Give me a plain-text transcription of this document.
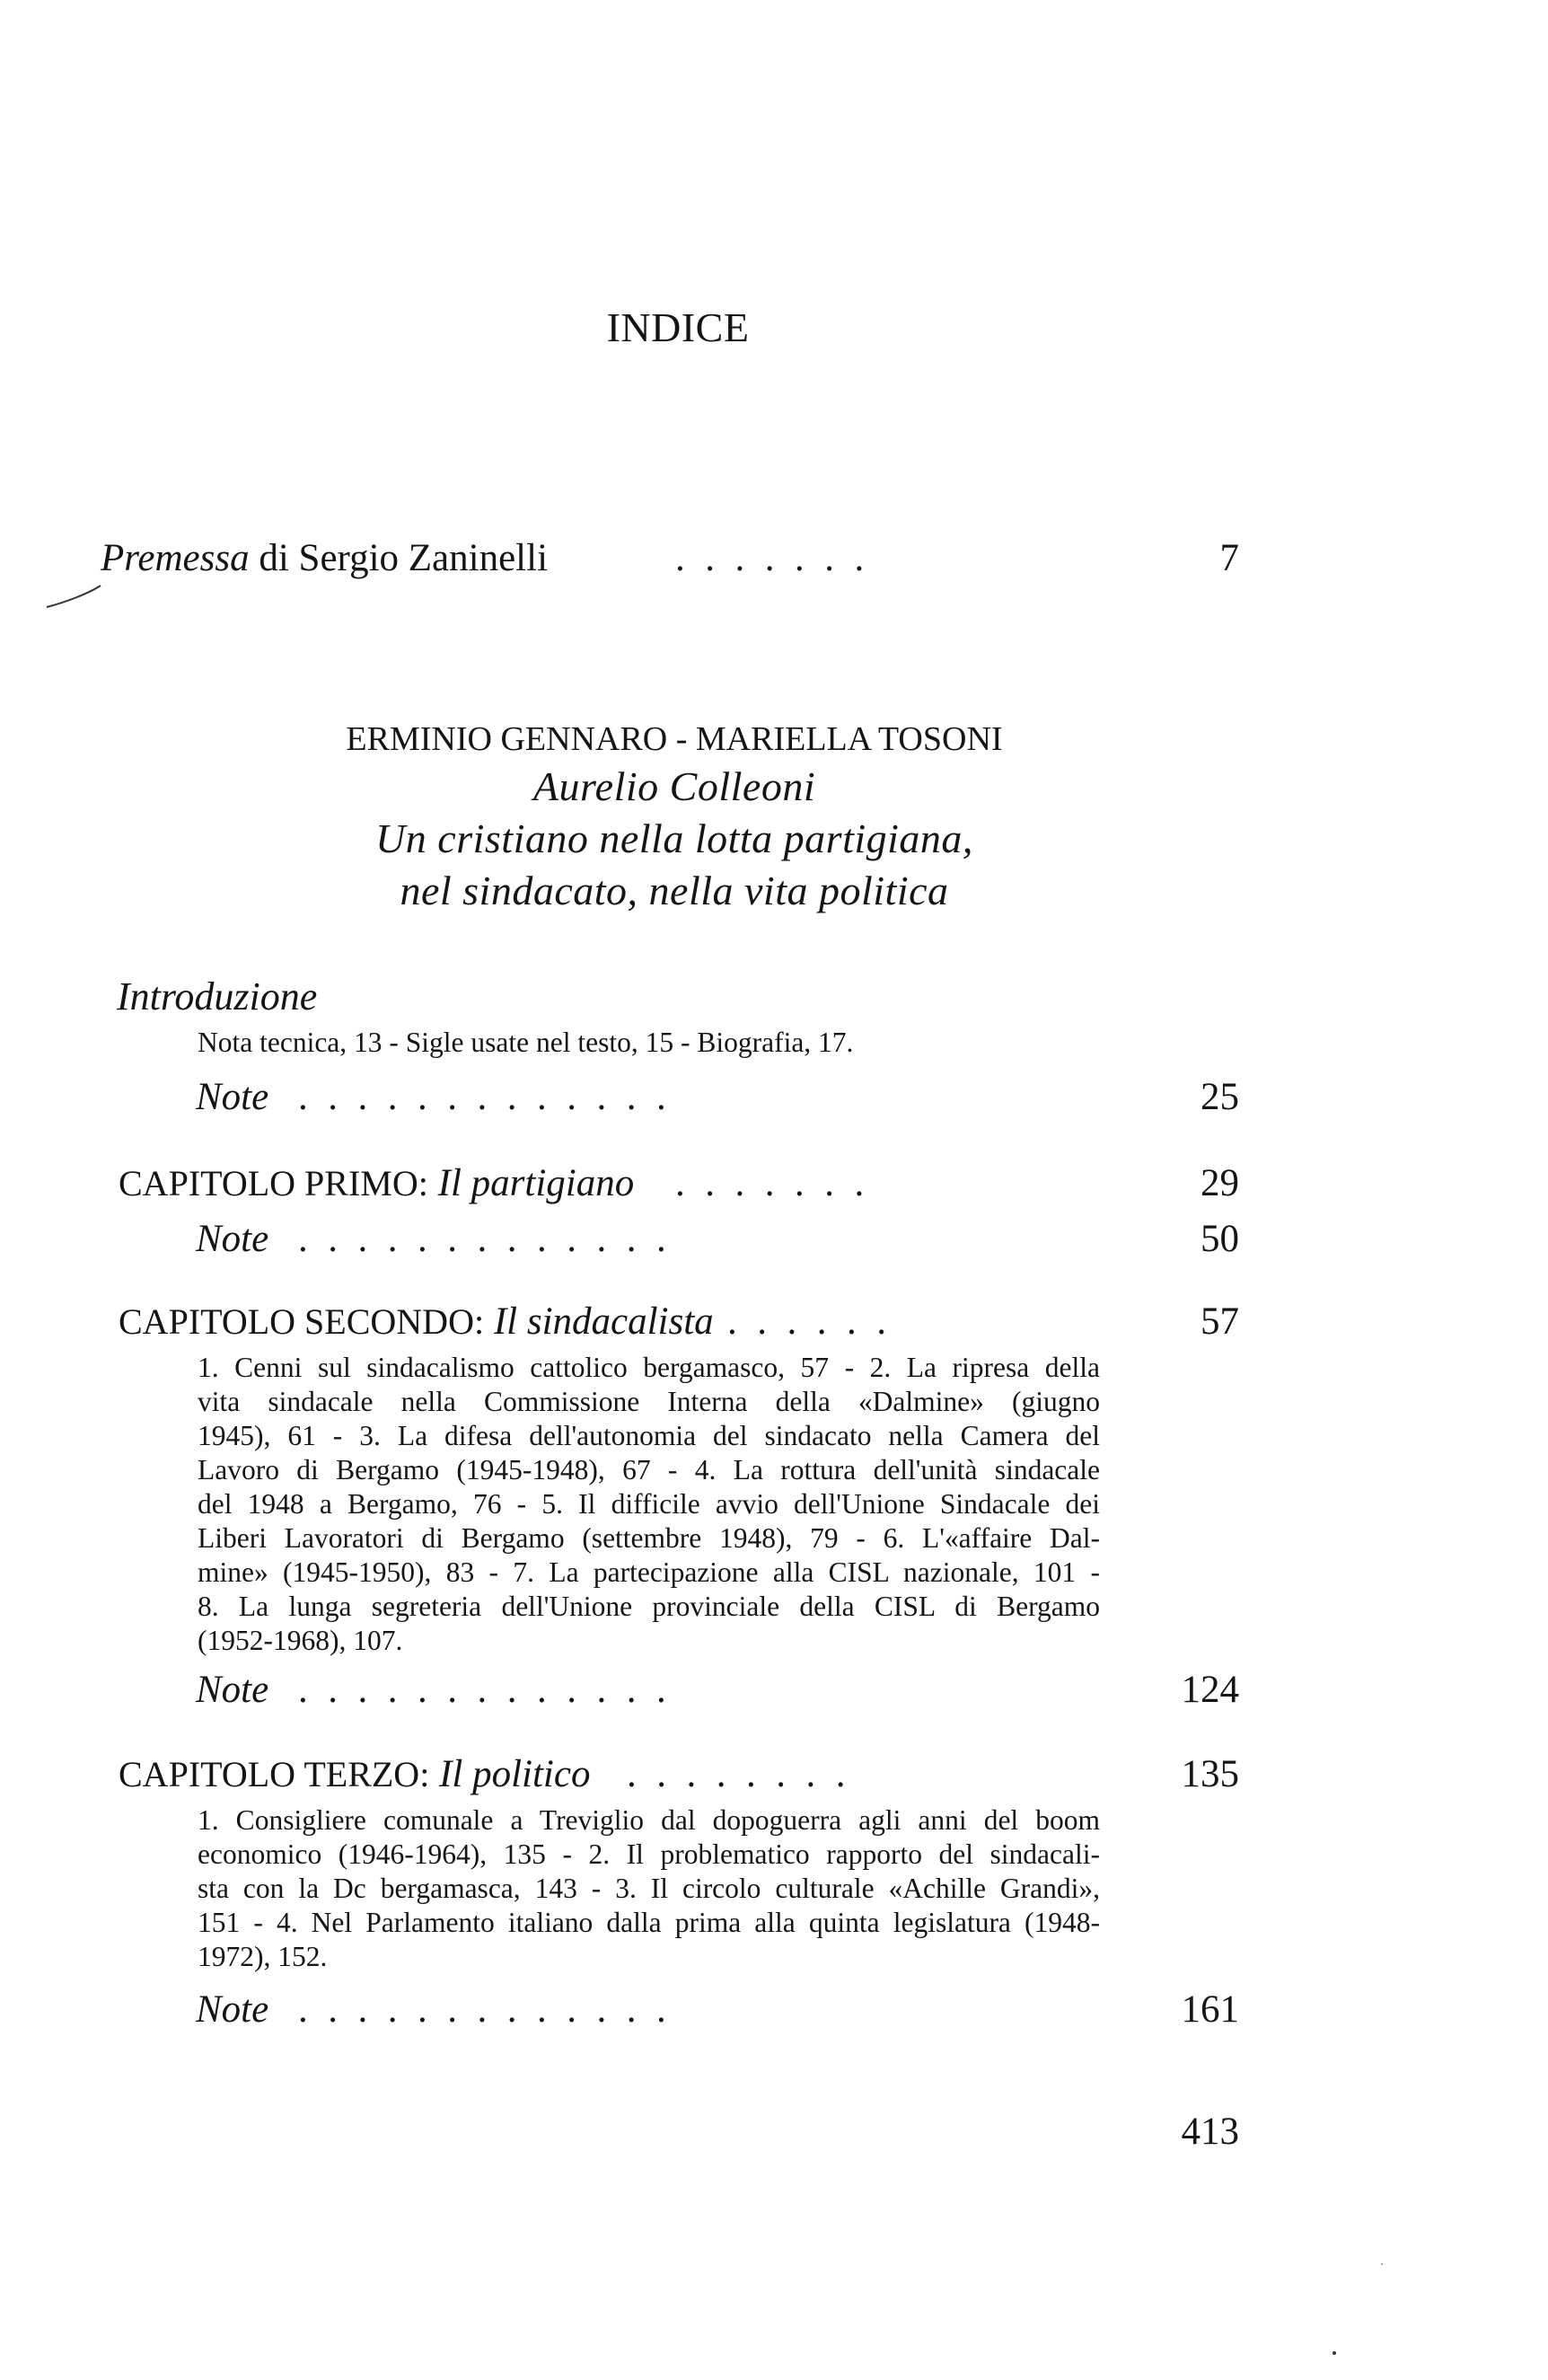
INDICE
Premessa di Sergio Zaninelli	.......	7
ERMINIO GENNARO - MARIELLA TOSONI
Aurelio Colleoni
Un cristiano nella lotta partigiana,
nel sindacato, nella vita politica
Introduzione
Nota tecnica, 13 - Sigle usate nel testo, 15 - Biografia, 17.
Note .............	25
CAPITOLO PRIMO: Il partigiano .......	29
Note .............	50
CAPITOLO SECONDO: Il sindacalista ......	57
1. Cenni sul sindacalismo cattolico bergamasco, 57 - 2. La ripresa della
vita sindacale nella Commissione Interna della «Dalmine» (giugno
1945), 61 - 3. La difesa dell'autonomia del sindacato nella Camera del
Lavoro di Bergamo (1945-1948), 67 - 4. La rottura dell'unità sindacale
del 1948 a Bergamo, 76 - 5. Il difficile avvio dell'Unione Sindacale dei
Liberi Lavoratori di Bergamo (settembre 1948), 79 - 6. L'«affaire Dal-
mine» (1945-1950), 83 - 7. La partecipazione alla CISL nazionale, 101 -
8. La lunga segreteria dell'Unione provinciale della CISL di Bergamo
(1952-1968), 107.
Note .............	124
CAPITOLO TERZO: Il politico ........	135
1. Consigliere comunale a Treviglio dal dopoguerra agli anni del boom
economico (1946-1964), 135 - 2. Il problematico rapporto del sindacali-
sta con la Dc bergamasca, 143 - 3. Il circolo culturale «Achille Grandi»,
151 - 4. Nel Parlamento italiano dalla prima alla quinta legislatura (1948-
1972), 152.
Note .............	161
413
